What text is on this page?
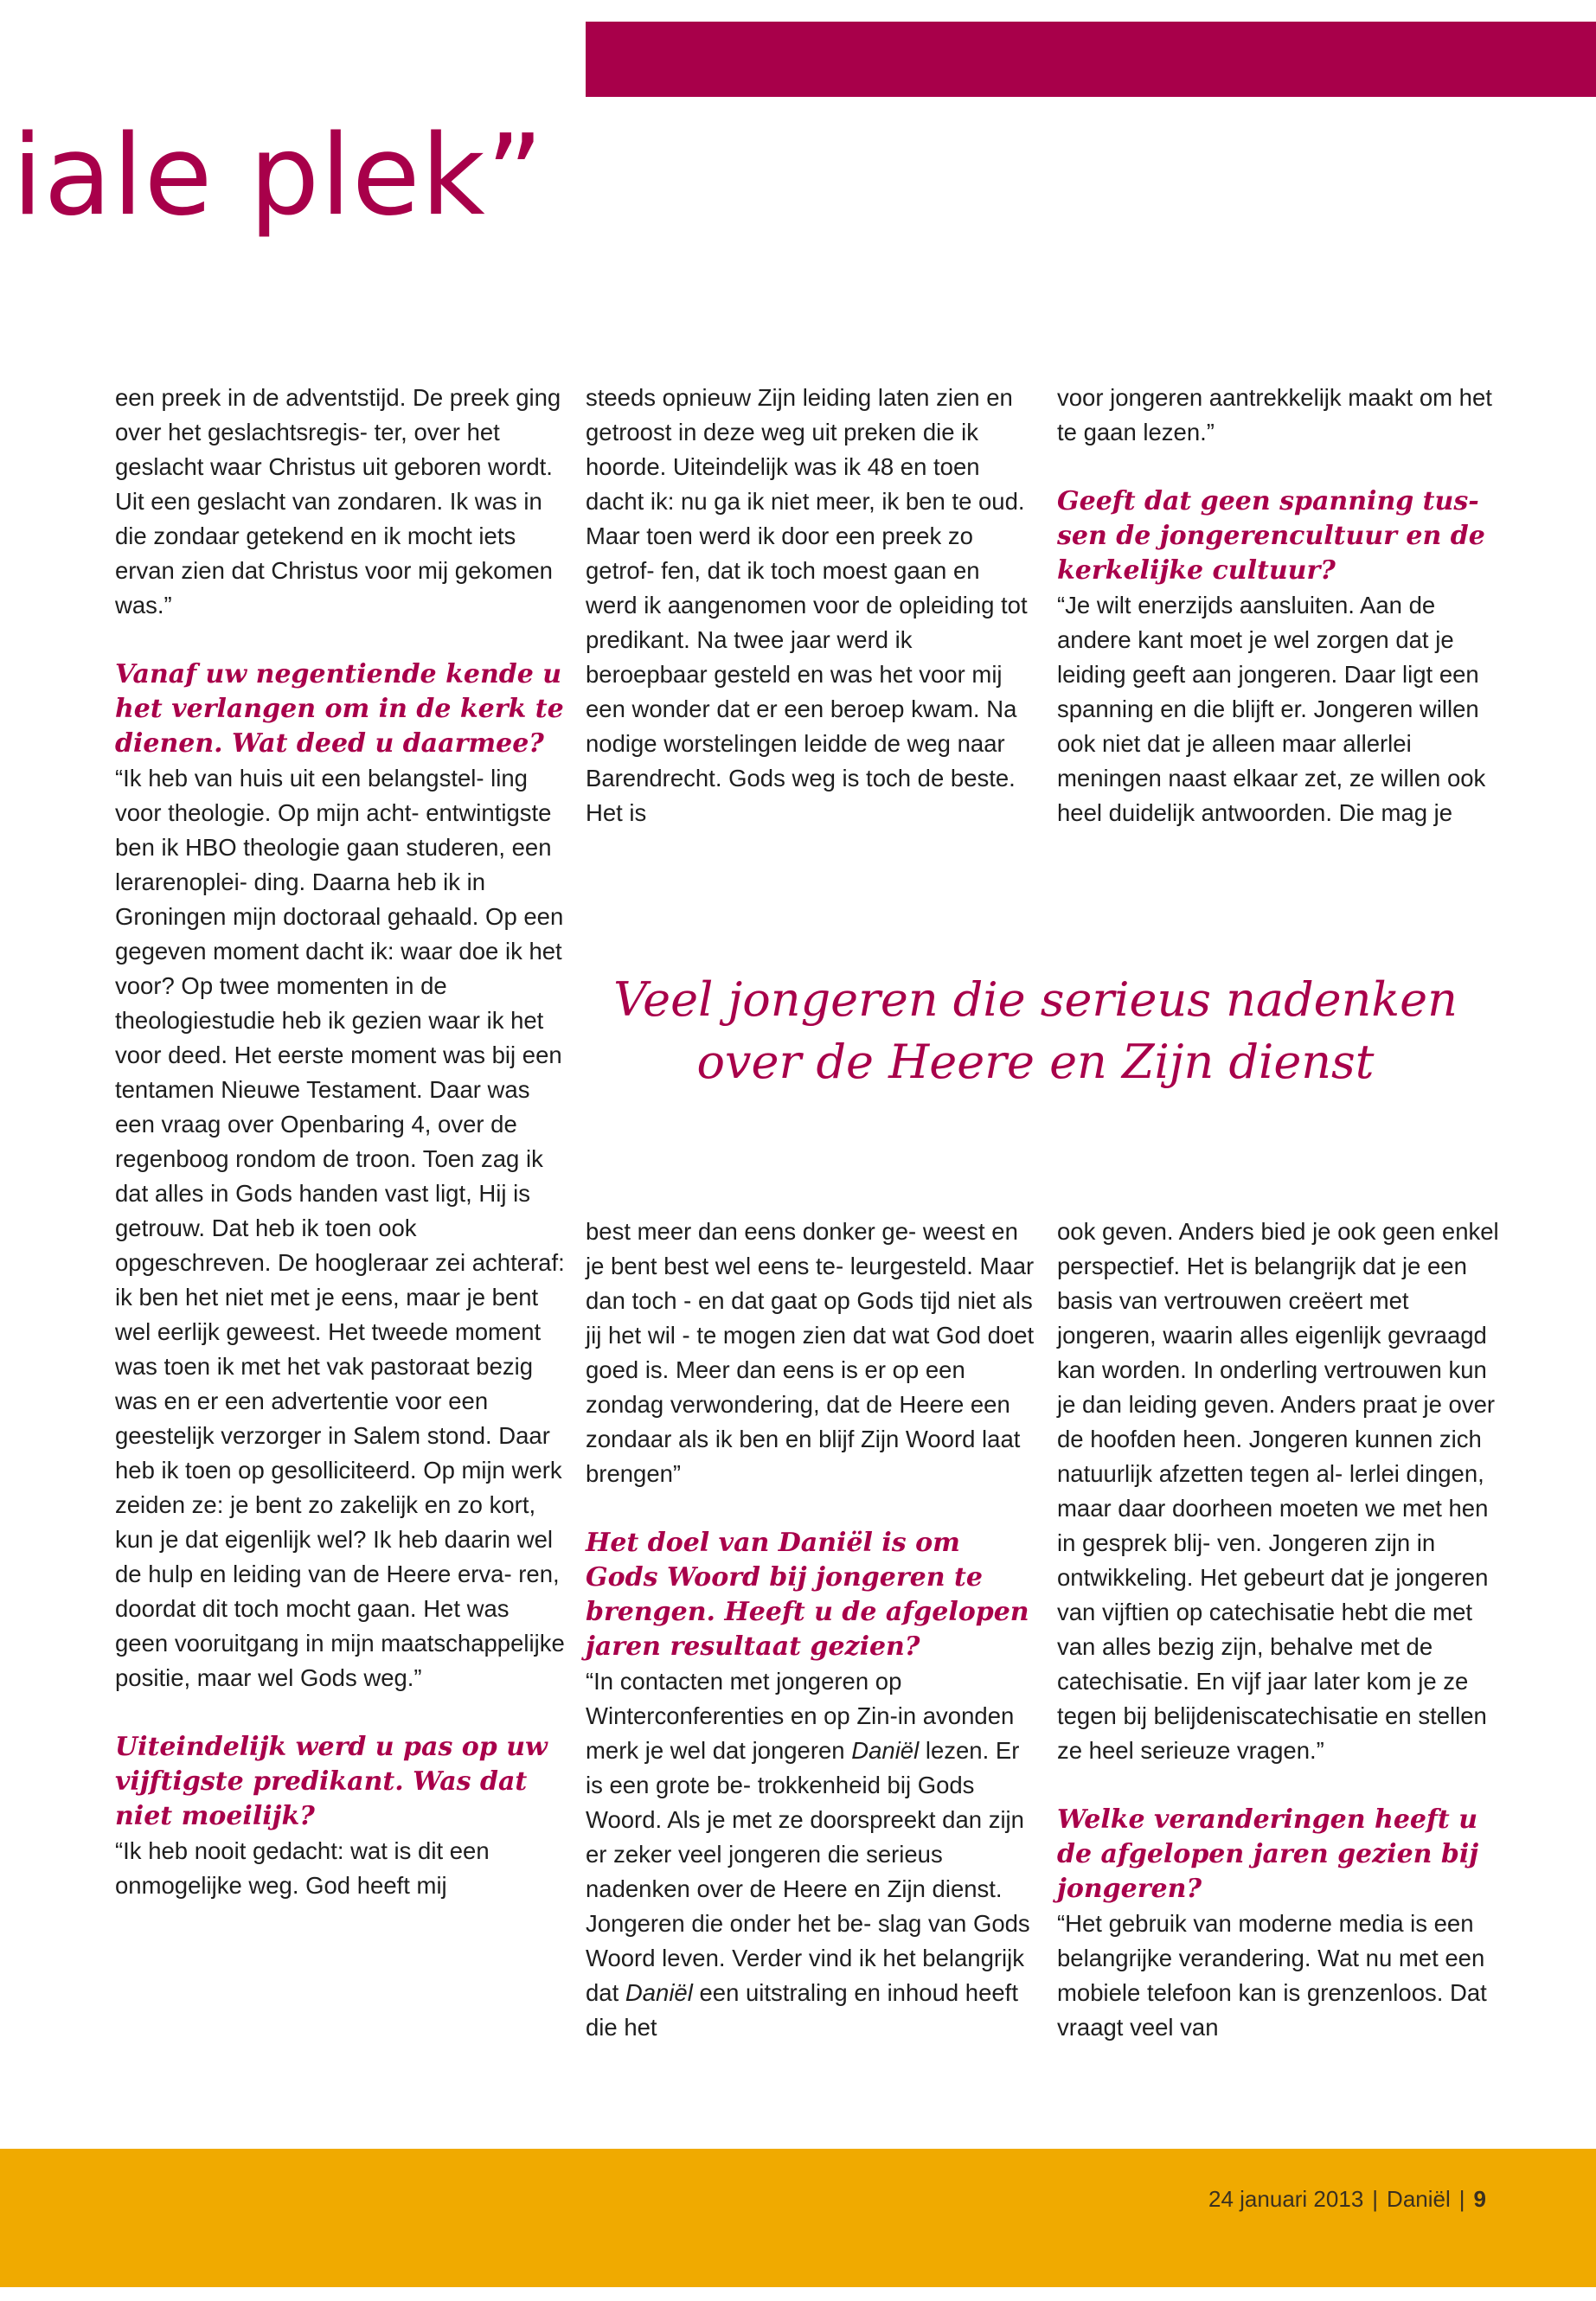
iale plek”

een preek in de adventstijd. De preek ging over het geslachtsregis- ter, over het geslacht waar Christus uit geboren wordt. Uit een geslacht van zondaren. Ik was in die zondaar getekend en ik mocht iets ervan zien dat Christus voor mij gekomen was.”

Vanaf uw negentiende kende u het verlangen om in de kerk te dienen. Wat deed u daarmee?

“Ik heb van huis uit een belangstel- ling voor theologie. Op mijn acht- entwintigste ben ik HBO theologie gaan studeren, een lerarenoplei- ding. Daarna heb ik in Groningen mijn doctoraal gehaald. Op een gegeven moment dacht ik: waar doe ik het voor? Op twee momenten in de theologiestudie heb ik gezien waar ik het voor deed. Het eerste moment was bij een tentamen Nieuwe Testament. Daar was een vraag over Openbaring 4, over de regenboog rondom de troon. Toen zag ik dat alles in Gods handen vast ligt, Hij is getrouw. Dat heb ik toen ook opgeschreven. De hoogleraar zei achteraf: ik ben het niet met je eens, maar je bent wel eerlijk geweest. Het tweede moment was toen ik met het vak pastoraat bezig was en er een advertentie voor een geestelijk verzorger in Salem stond. Daar heb ik toen op gesolliciteerd. Op mijn werk zeiden ze: je bent zo zakelijk en zo kort, kun je dat eigenlijk wel? Ik heb daarin wel de hulp en leiding van de Heere erva- ren, doordat dit toch mocht gaan. Het was geen vooruitgang in mijn maatschappelijke positie, maar wel Gods weg.”

Uiteindelijk werd u pas op uw vijftigste predikant. Was dat niet moeilijk?

“Ik heb nooit gedacht: wat is dit een onmogelijke weg. God heeft mij

steeds opnieuw Zijn leiding laten zien en getroost in deze weg uit preken die ik hoorde. Uiteindelijk was ik 48 en toen dacht ik: nu ga ik niet meer, ik ben te oud. Maar toen werd ik door een preek zo getrof- fen, dat ik toch moest gaan en werd ik aangenomen voor de opleiding tot predikant. Na twee jaar werd ik beroepbaar gesteld en was het voor mij een wonder dat er een beroep kwam. Na nodige worstelingen leidde de weg naar Barendrecht. Gods weg is toch de beste. Het is

voor jongeren aantrekkelijk maakt om het te gaan lezen.”

Geeft dat geen spanning tus- sen de jongerencultuur en de kerkelijke cultuur?

“Je wilt enerzijds aansluiten. Aan de andere kant moet je wel zorgen dat je leiding geeft aan jongeren. Daar ligt een spanning en die blijft er. Jongeren willen ook niet dat je alleen maar allerlei meningen naast elkaar zet, ze willen ook heel duidelijk antwoorden. Die mag je

Veel jongeren die serieus nadenken
over de Heere en Zijn dienst

best meer dan eens donker ge- weest en je bent best wel eens te- leurgesteld. Maar dan toch - en dat gaat op Gods tijd niet als jij het wil - te mogen zien dat wat God doet goed is. Meer dan eens is er op een zondag verwondering, dat de Heere een zondaar als ik ben en blijf Zijn Woord laat brengen”

Het doel van Daniël is om Gods Woord bij jongeren te brengen. Heeft u de afgelopen jaren resultaat gezien?

“In contacten met jongeren op Winterconferenties en op Zin-in avonden merk je wel dat jongeren Daniël lezen. Er is een grote be- trokkenheid bij Gods Woord. Als je met ze doorspreekt dan zijn er zeker veel jongeren die serieus nadenken over de Heere en Zijn dienst. Jongeren die onder het be- slag van Gods Woord leven. Verder vind ik het belangrijk dat Daniël een uitstraling en inhoud heeft die het

ook geven. Anders bied je ook geen enkel perspectief. Het is belangrijk dat je een basis van vertrouwen creëert met jongeren, waarin alles eigenlijk gevraagd kan worden. In onderling vertrouwen kun je dan leiding geven. Anders praat je over de hoofden heen. Jongeren kunnen zich natuurlijk afzetten tegen al- lerlei dingen, maar daar doorheen moeten we met hen in gesprek blij- ven. Jongeren zijn in ontwikkeling. Het gebeurt dat je jongeren van vijftien op catechisatie hebt die met van alles bezig zijn, behalve met de catechisatie. En vijf jaar later kom je ze tegen bij belijdeniscatechisatie en stellen ze heel serieuze vragen.”

Welke veranderingen heeft u de afgelopen jaren gezien bij jongeren?

“Het gebruik van moderne media is een belangrijke verandering. Wat nu met een mobiele telefoon kan is grenzenloos. Dat vraagt veel van

24 januari 2013 | Daniël | 9
